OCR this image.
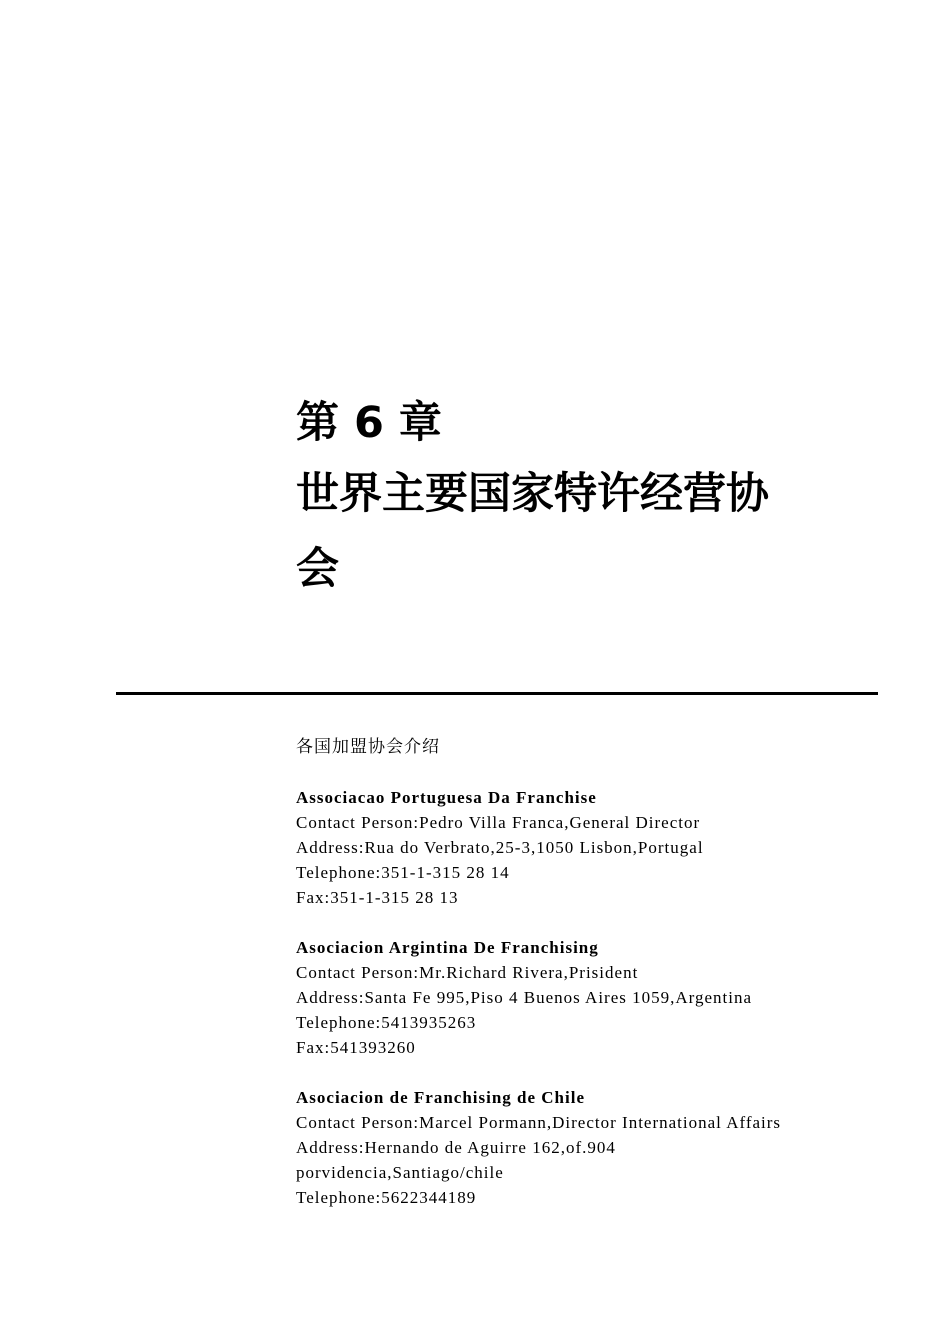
第 6 章
世界主要国家特许经营协会
各国加盟协会介绍
Associacao Portuguesa Da Franchise
Contact Person:Pedro Villa Franca,General Director
Address:Rua do Verbrato,25-3,1050 Lisbon,Portugal
Telephone:351-1-315 28 14
Fax:351-1-315 28 13
Asociacion Argintina De Franchising
Contact Person:Mr.Richard Rivera,Prisident
Address:Santa Fe 995,Piso 4 Buenos Aires 1059,Argentina
Telephone:5413935263
Fax:541393260
Asociacion de Franchising de Chile
Contact Person:Marcel Pormann,Director International Affairs
Address:Hernando de Aguirre 162,of.904
porvidencia,Santiago/chile
Telephone:5622344189
